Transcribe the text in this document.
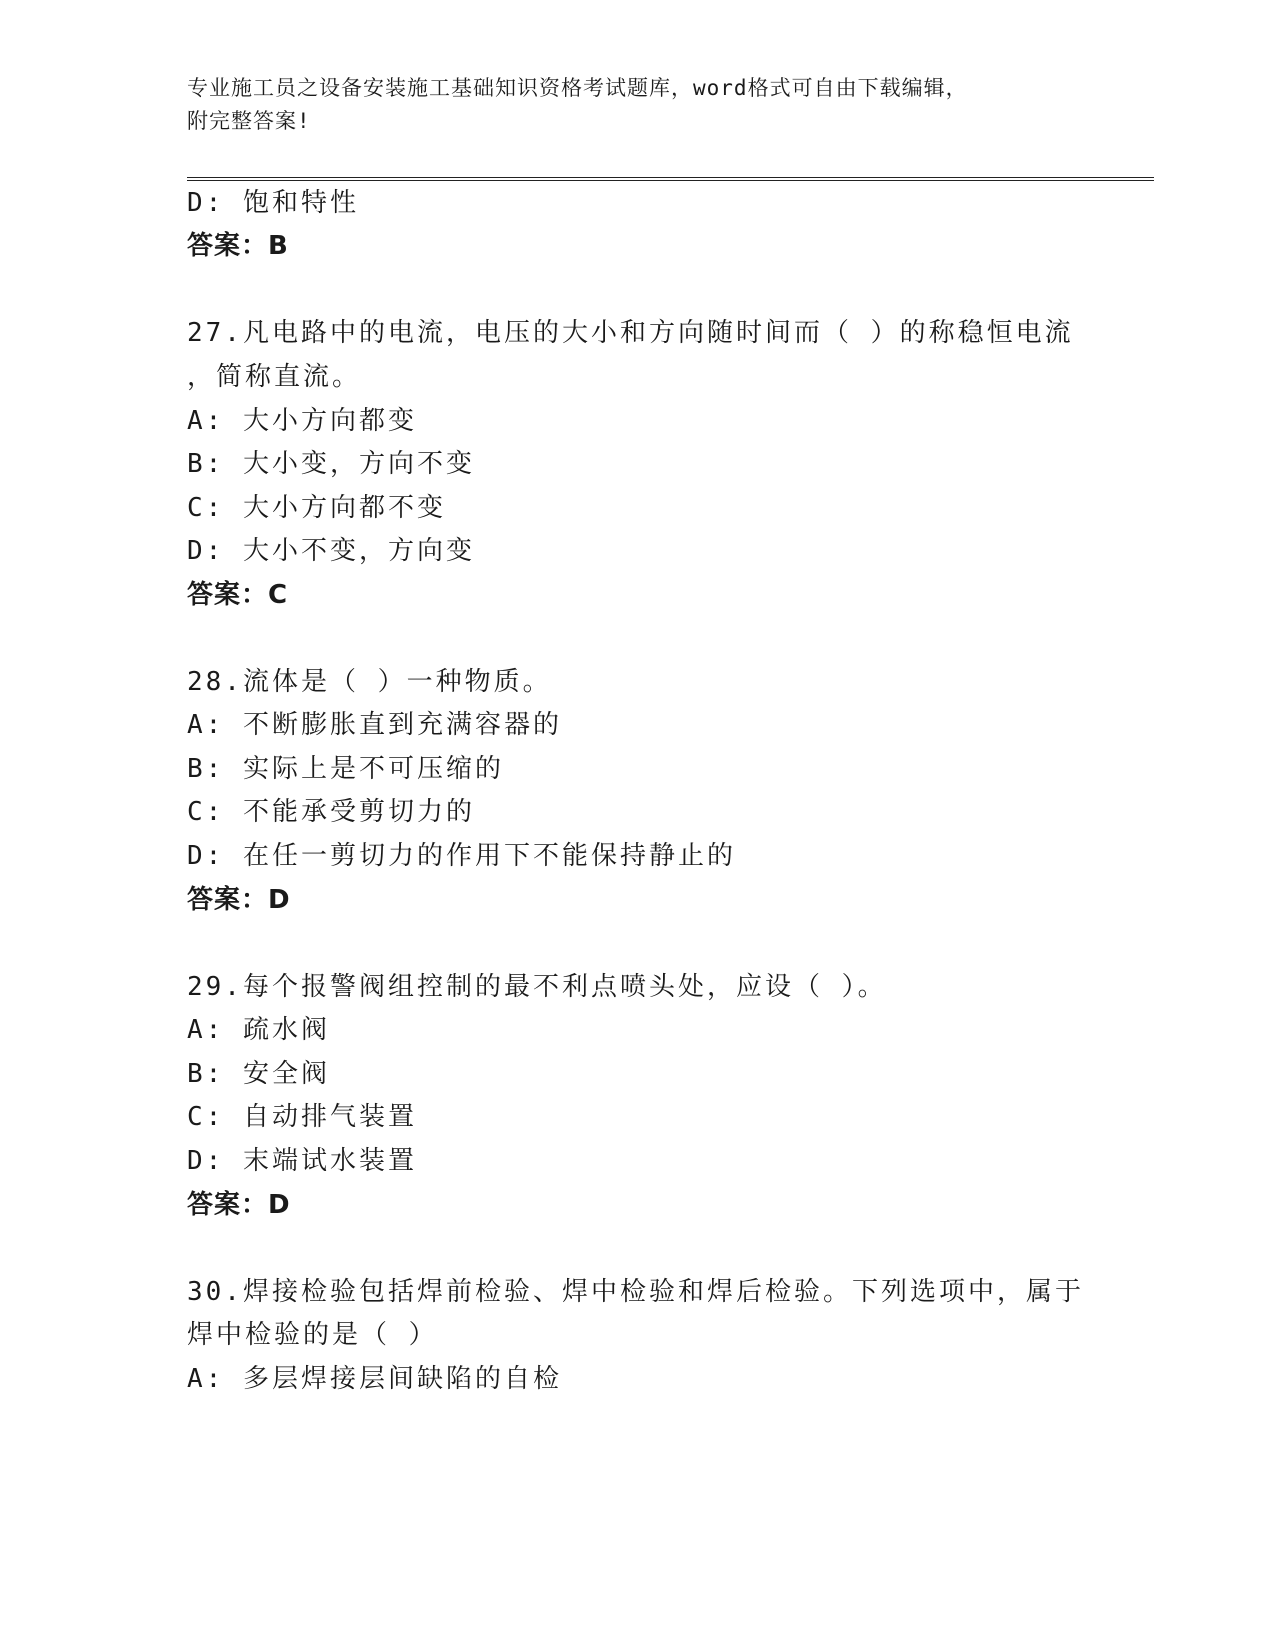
专业施工员之设备安装施工基础知识资格考试题库，word格式可自由下载编辑，
附完整答案!
D: 饱和特性
答案：B
27.凡电路中的电流，电压的大小和方向随时间而（ ）的称稳恒电流
，简称直流。
A: 大小方向都变
B: 大小变，方向不变
C: 大小方向都不变
D: 大小不变，方向变
答案：C
28.流体是（ ）一种物质。
A: 不断膨胀直到充满容器的
B: 实际上是不可压缩的
C: 不能承受剪切力的
D: 在任一剪切力的作用下不能保持静止的
答案：D
29.每个报警阀组控制的最不利点喷头处，应设（ ）。
A: 疏水阀
B: 安全阀
C: 自动排气装置
D: 末端试水装置
答案：D
30.焊接检验包括焊前检验、焊中检验和焊后检验。下列选项中，属于
焊中检验的是（ ）
A: 多层焊接层间缺陷的自检
